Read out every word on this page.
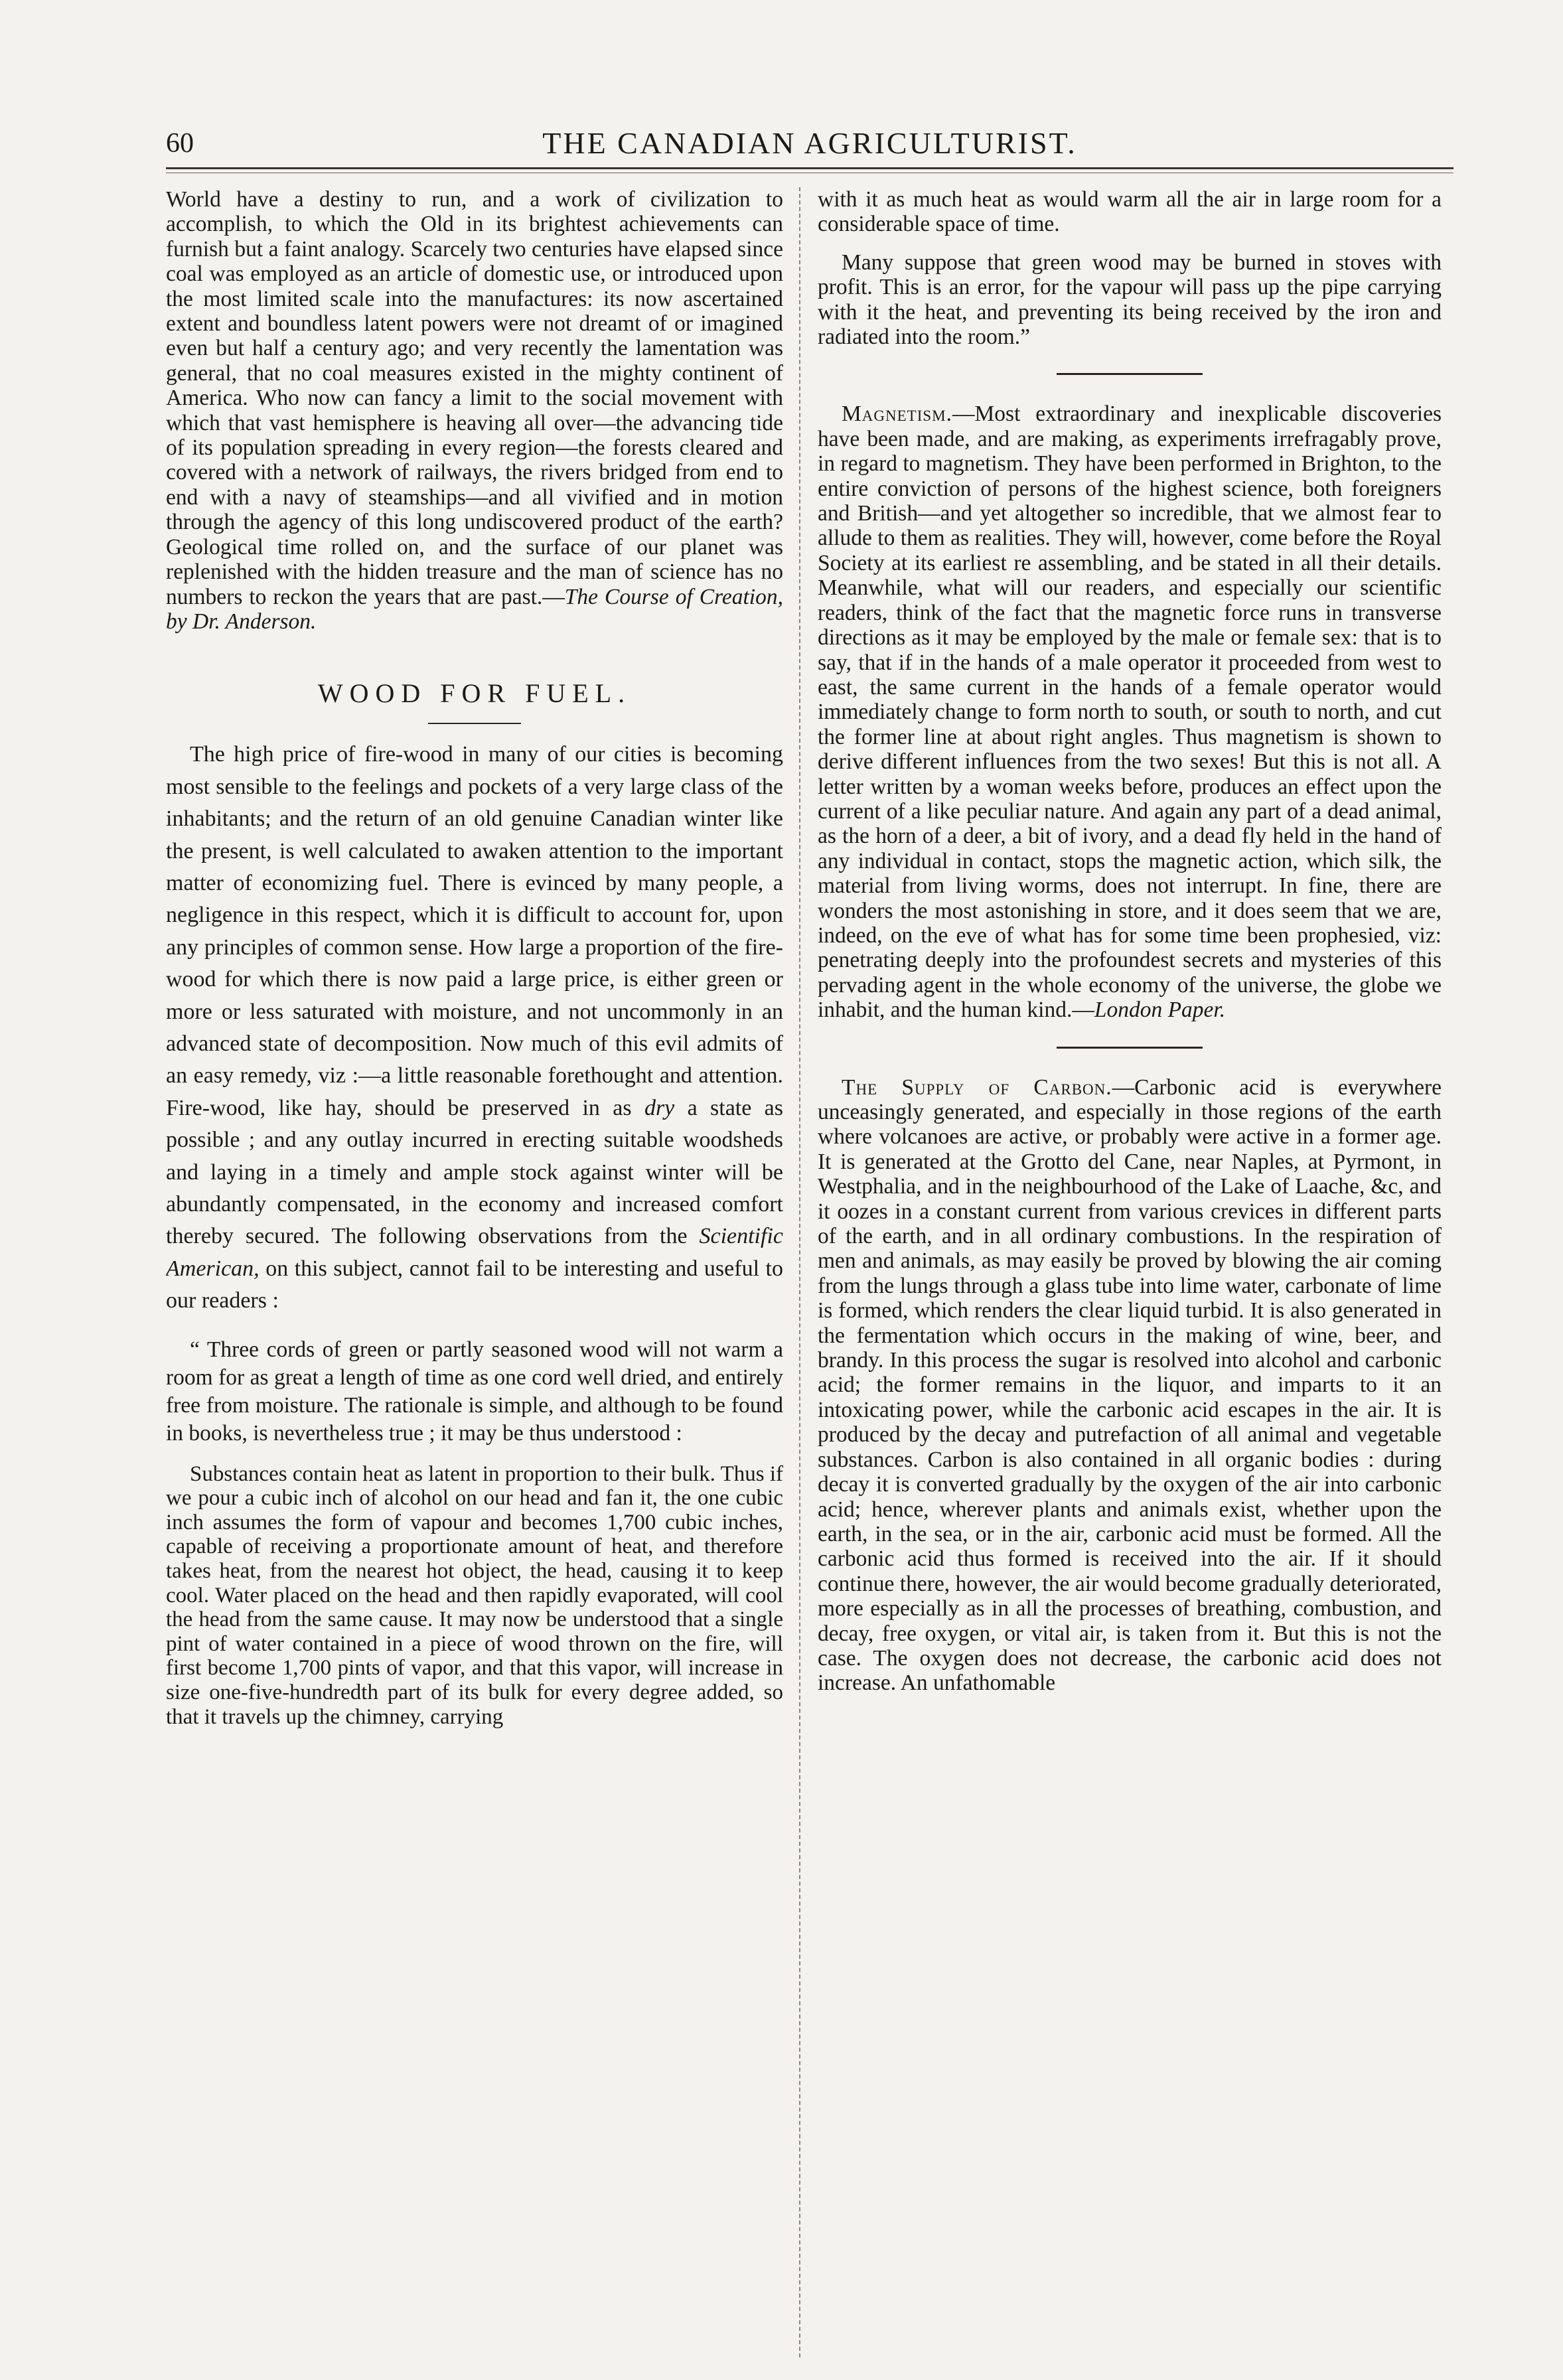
60	THE CANADIAN AGRICULTURIST.

World have a destiny to run, and a work of civilization to accomplish, to which the Old in its brightest achievements can furnish but a faint analogy. Scarcely two centuries have elapsed since coal was employed as an article of domestic use, or introduced upon the most limited scale into the manufactures: its now ascertained extent and boundless latent powers were not dreamt of or imagined even but half a century ago; and very recently the lamentation was general, that no coal measures existed in the mighty continent of America. Who now can fancy a limit to the social movement with which that vast hemisphere is heaving all over—the advancing tide of its population spreading in every region—the forests cleared and covered with a network of railways, the rivers bridged from end to end with a navy of steamships—and all vivified and in motion through the agency of this long undiscovered product of the earth? Geological time rolled on, and the surface of our planet was replenished with the hidden treasure and the man of science has no numbers to reckon the years that are past.—The Course of Creation, by Dr. Anderson.

WOOD FOR FUEL.

The high price of fire-wood in many of our cities is becoming most sensible to the feelings and pockets of a very large class of the inhabitants; and the return of an old genuine Canadian winter like the present, is well calculated to awaken attention to the important matter of economizing fuel. There is evinced by many people, a negligence in this respect, which it is difficult to account for, upon any principles of common sense. How large a proportion of the fire-wood for which there is now paid a large price, is either green or more or less saturated with moisture, and not uncommonly in an advanced state of decomposition. Now much of this evil admits of an easy remedy, viz :—a little reasonable forethought and attention. Fire-wood, like hay, should be preserved in as dry a state as possible ; and any outlay incurred in erecting suitable woodsheds and laying in a timely and ample stock against winter will be abundantly compensated, in the economy and increased comfort thereby secured. The following observations from the Scientific American, on this subject, cannot fail to be interesting and useful to our readers :

“ Three cords of green or partly seasoned wood will not warm a room for as great a length of time as one cord well dried, and entirely free from moisture. The rationale is simple, and although to be found in books, is nevertheless true ; it may be thus understood :

Substances contain heat as latent in proportion to their bulk. Thus if we pour a cubic inch of alcohol on our head and fan it, the one cubic inch assumes the form of vapour and becomes 1,700 cubic inches, capable of receiving a proportionate amount of heat, and therefore takes heat, from the nearest hot object, the head, causing it to keep cool. Water placed on the head and then rapidly evaporated, will cool the head from the same cause. It may now be understood that a single pint of water contained in a piece of wood thrown on the fire, will first become 1,700 pints of vapor, and that this vapor, will increase in size one-five-hundredth part of its bulk for every degree added, so that it travels up the chimney, carrying

with it as much heat as would warm all the air in large room for a considerable space of time.

Many suppose that green wood may be burned in stoves with profit. This is an error, for the vapour will pass up the pipe carrying with it the heat, and preventing its being received by the iron and radiated into the room.”

Magnetism.—Most extraordinary and inexplicable discoveries have been made, and are making, as experiments irrefragably prove, in regard to magnetism. They have been performed in Brighton, to the entire conviction of persons of the highest science, both foreigners and British—and yet altogether so incredible, that we almost fear to allude to them as realities. They will, however, come before the Royal Society at its earliest re assembling, and be stated in all their details. Meanwhile, what will our readers, and especially our scientific readers, think of the fact that the magnetic force runs in transverse directions as it may be employed by the male or female sex: that is to say, that if in the hands of a male operator it proceeded from west to east, the same current in the hands of a female operator would immediately change to form north to south, or south to north, and cut the former line at about right angles. Thus magnetism is shown to derive different influences from the two sexes! But this is not all. A letter written by a woman weeks before, produces an effect upon the current of a like peculiar nature. And again any part of a dead animal, as the horn of a deer, a bit of ivory, and a dead fly held in the hand of any individual in contact, stops the magnetic action, which silk, the material from living worms, does not interrupt. In fine, there are wonders the most astonishing in store, and it does seem that we are, indeed, on the eve of what has for some time been prophesied, viz: penetrating deeply into the profoundest secrets and mysteries of this pervading agent in the whole economy of the universe, the globe we inhabit, and the human kind.—London Paper.

The Supply of Carbon.—Carbonic acid is everywhere unceasingly generated, and especially in those regions of the earth where volcanoes are active, or probably were active in a former age. It is generated at the Grotto del Cane, near Naples, at Pyrmont, in Westphalia, and in the neighbourhood of the Lake of Laache, &c, and it oozes in a constant current from various crevices in different parts of the earth, and in all ordinary combustions. In the respiration of men and animals, as may easily be proved by blowing the air coming from the lungs through a glass tube into lime water, carbonate of lime is formed, which renders the clear liquid turbid. It is also generated in the fermentation which occurs in the making of wine, beer, and brandy. In this process the sugar is resolved into alcohol and carbonic acid; the former remains in the liquor, and imparts to it an intoxicating power, while the carbonic acid escapes in the air. It is produced by the decay and putrefaction of all animal and vegetable substances. Carbon is also contained in all organic bodies : during decay it is converted gradually by the oxygen of the air into carbonic acid; hence, wherever plants and animals exist, whether upon the earth, in the sea, or in the air, carbonic acid must be formed. All the carbonic acid thus formed is received into the air. If it should continue there, however, the air would become gradually deteriorated, more especially as in all the processes of breathing, combustion, and decay, free oxygen, or vital air, is taken from it. But this is not the case. The oxygen does not decrease, the carbonic acid does not increase. An unfathomable
